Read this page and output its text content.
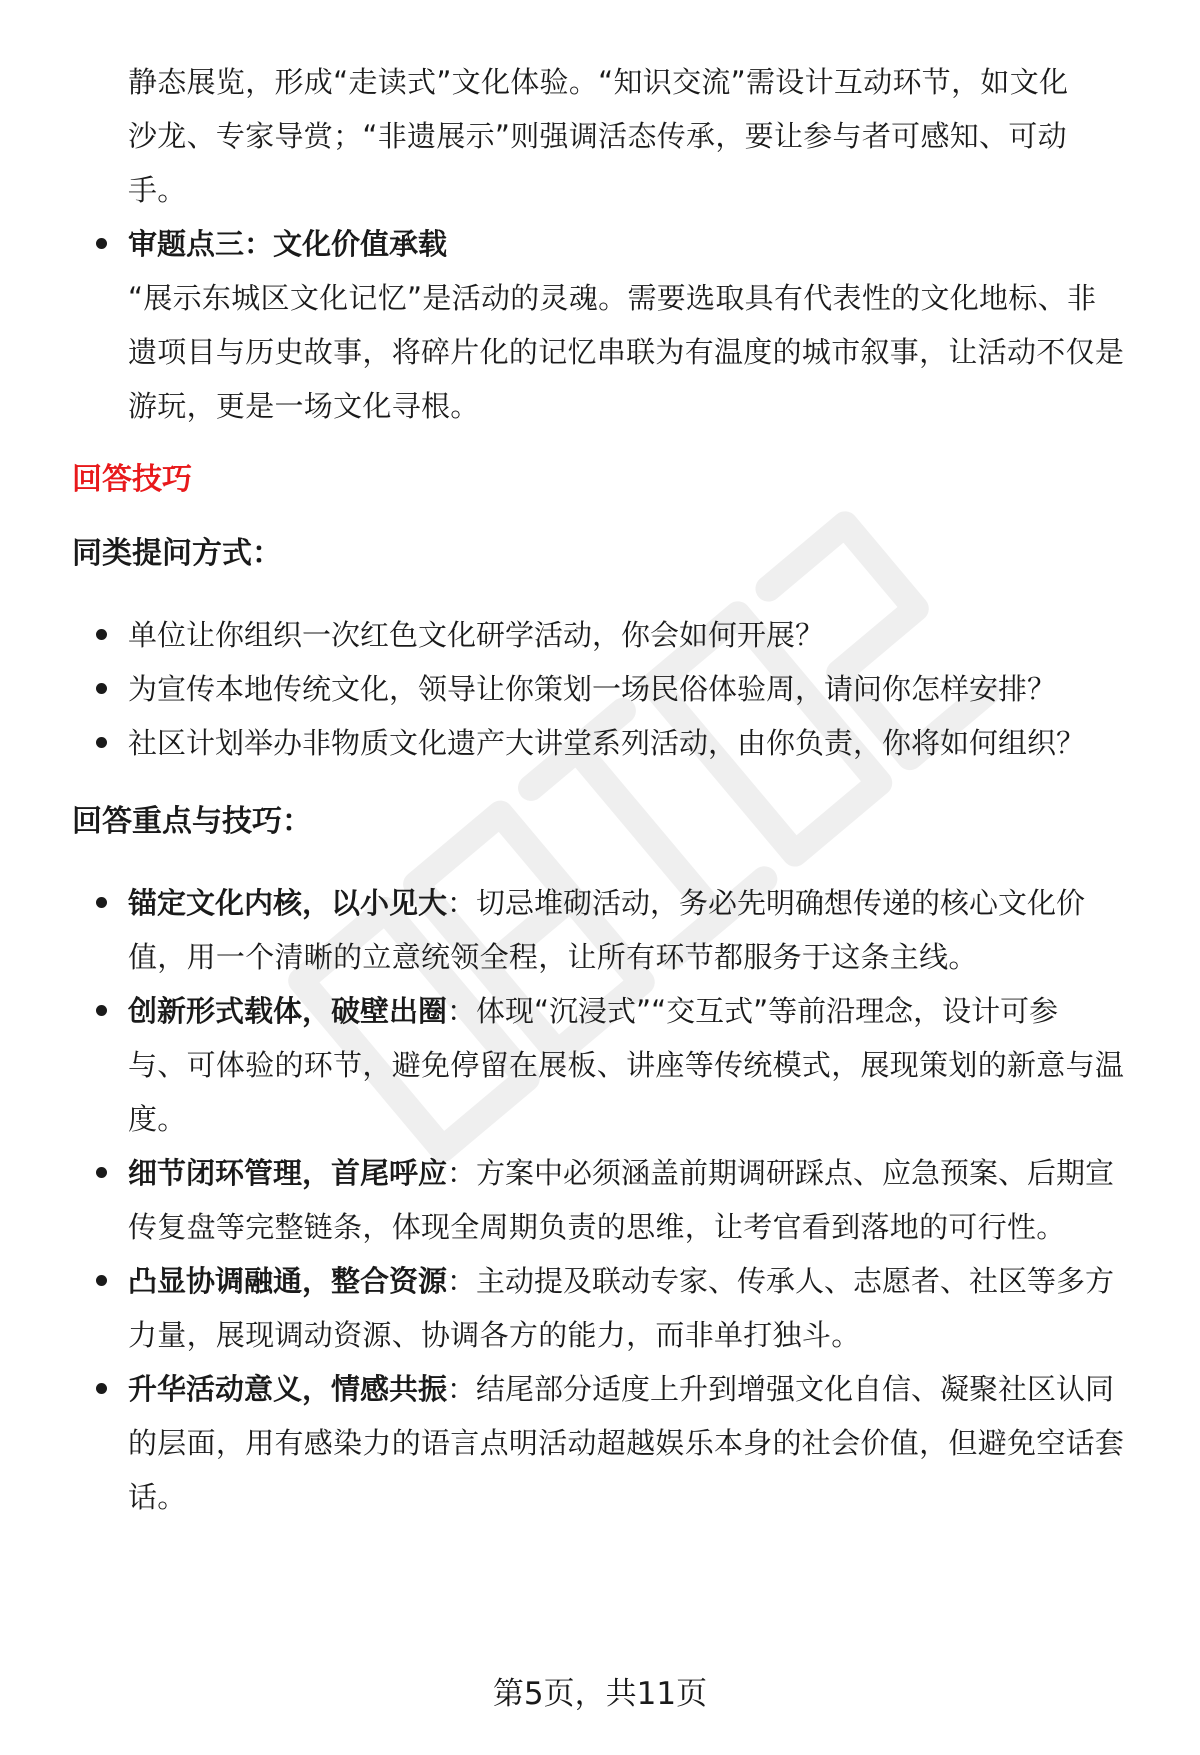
静态展览，形成“走读式”文化体验。“知识交流”需设计互动环节，如文化

沙龙、专家导赏；“非遗展示”则强调活态传承，要让参与者可感知、可动

手。

审题点三：文化价值承载

“展示东城区文化记忆”是活动的灵魂。需要选取具有代表性的文化地标、非

遗项目与历史故事，将碎片化的记忆串联为有温度的城市叙事，让活动不仅是

游玩，更是一场文化寻根。

回答技巧
同类提问方式：
单位让你组织一次红色文化研学活动，你会如何开展？
为宣传本地传统文化，领导让你策划一场民俗体验周，请问你怎样安排？
社区计划举办非物质文化遗产大讲堂系列活动，由你负责，你将如何组织？
回答重点与技巧：
锚定文化内核，以小见大：切忌堆砌活动，务必先明确想传递的核心文化价

值，用一个清晰的立意统领全程，让所有环节都服务于这条主线。

创新形式载体，破壁出圈：体现“沉浸式”“交互式”等前沿理念，设计可参

与、可体验的环节，避免停留在展板、讲座等传统模式，展现策划的新意与温

度。

细节闭环管理，首尾呼应：方案中必须涵盖前期调研踩点、应急预案、后期宣

传复盘等完整链条，体现全周期负责的思维，让考官看到落地的可行性。

凸显协调融通，整合资源：主动提及联动专家、传承人、志愿者、社区等多方

力量，展现调动资源、协调各方的能力，而非单打独斗。

升华活动意义，情感共振：结尾部分适度上升到增强文化自信、凝聚社区认同

的层面，用有感染力的语言点明活动超越娱乐本身的社会价值，但避免空话套

话。

第5页，共11页
